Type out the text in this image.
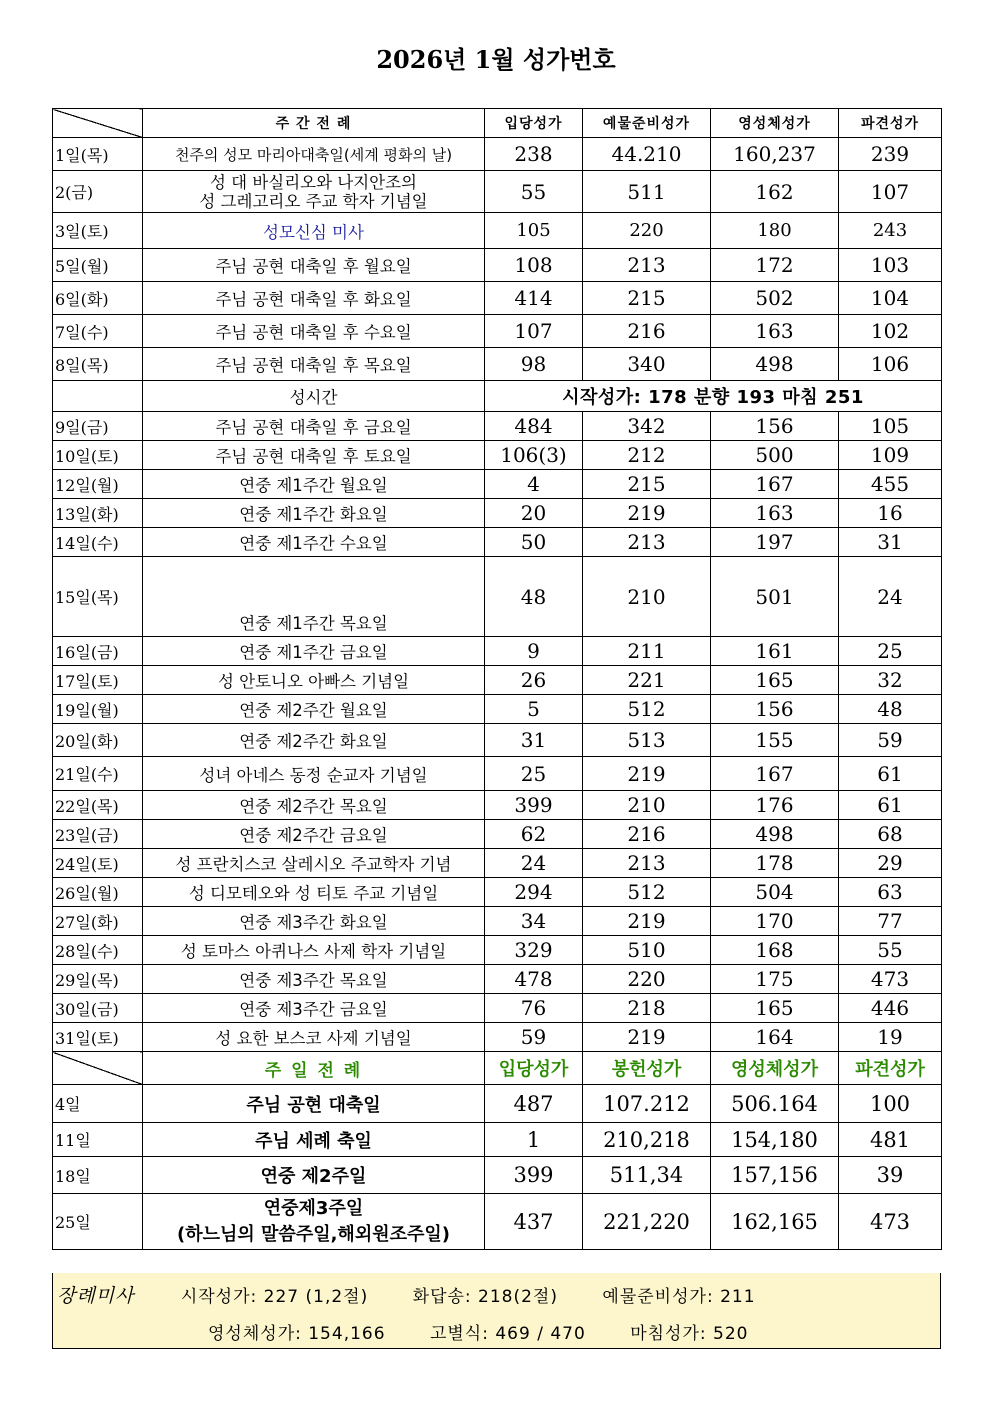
2026년 1월 성가번호
	주 간 전 례	입당성가	예물준비성가	영성체성가	파견성가
1일(목)	천주의 성모 마리아대축일(세계 평화의 날)	238	44.210	160,237	239
2(금)	성 대 바실리오와 나지안조의
성 그레고리오 주교 학자 기념일	55	511	162	107
3일(토)	성모신심 미사	105	220	180	243
5일(월)	주님 공현 대축일 후 월요일	108	213	172	103
6일(화)	주님 공현 대축일 후 화요일	414	215	502	104
7일(수)	주님 공현 대축일 후 수요일	107	216	163	102
8일(목)	주님 공현 대축일 후 목요일	98	340	498	106
	성시간	시작성가: 178 분향 193 마침 251			
9일(금)	주님 공현 대축일 후 금요일	484	342	156	105
10일(토)	주님 공현 대축일 후 토요일	106(3)	212	500	109
12일(월)	연중 제1주간 월요일	4	215	167	455
13일(화)	연중 제1주간 화요일	20	219	163	16
14일(수)	연중 제1주간 수요일	50	213	197	31
15일(목)	연중 제1주간 목요일	48	210	501	24
16일(금)	연중 제1주간 금요일	9	211	161	25
17일(토)	성 안토니오 아빠스 기념일	26	221	165	32
19일(월)	연중 제2주간 월요일	5	512	156	48
20일(화)	연중 제2주간 화요일	31	513	155	59
21일(수)	성녀 아네스 동정 순교자 기념일	25	219	167	61
22일(목)	연중 제2주간 목요일	399	210	176	61
23일(금)	연중 제2주간 금요일	62	216	498	68
24일(토)	성 프란치스코 살레시오 주교학자 기념	24	213	178	29
26일(월)	성 디모테오와 성 티토 주교 기념일	294	512	504	63
27일(화)	연중 제3주간 화요일	34	219	170	77
28일(수)	성 토마스 아퀴나스 사제 학자 기념일	329	510	168	55
29일(목)	연중 제3주간 목요일	478	220	175	473
30일(금)	연중 제3주간 금요일	76	218	165	446
31일(토)	성 요한 보스코 사제 기념일	59	219	164	19
	주 일 전 례	입당성가	봉헌성가	영성체성가	파견성가
4일	주님 공현 대축일	487	107.212	506.164	100
11일	주님 세례 축일	1	210,218	154,180	481
18일	연중 제2주일	399	511,34	157,156	39
25일	연중제3주일
(하느님의 말씀주일,해외원조주일)	437	221,220	162,165	473
장례미사	시작성가: 227 (1,2절)	화답송: 218(2절)	예물준비성가: 211
영성체성가: 154,166	고별식: 469 / 470	마침성가: 520
